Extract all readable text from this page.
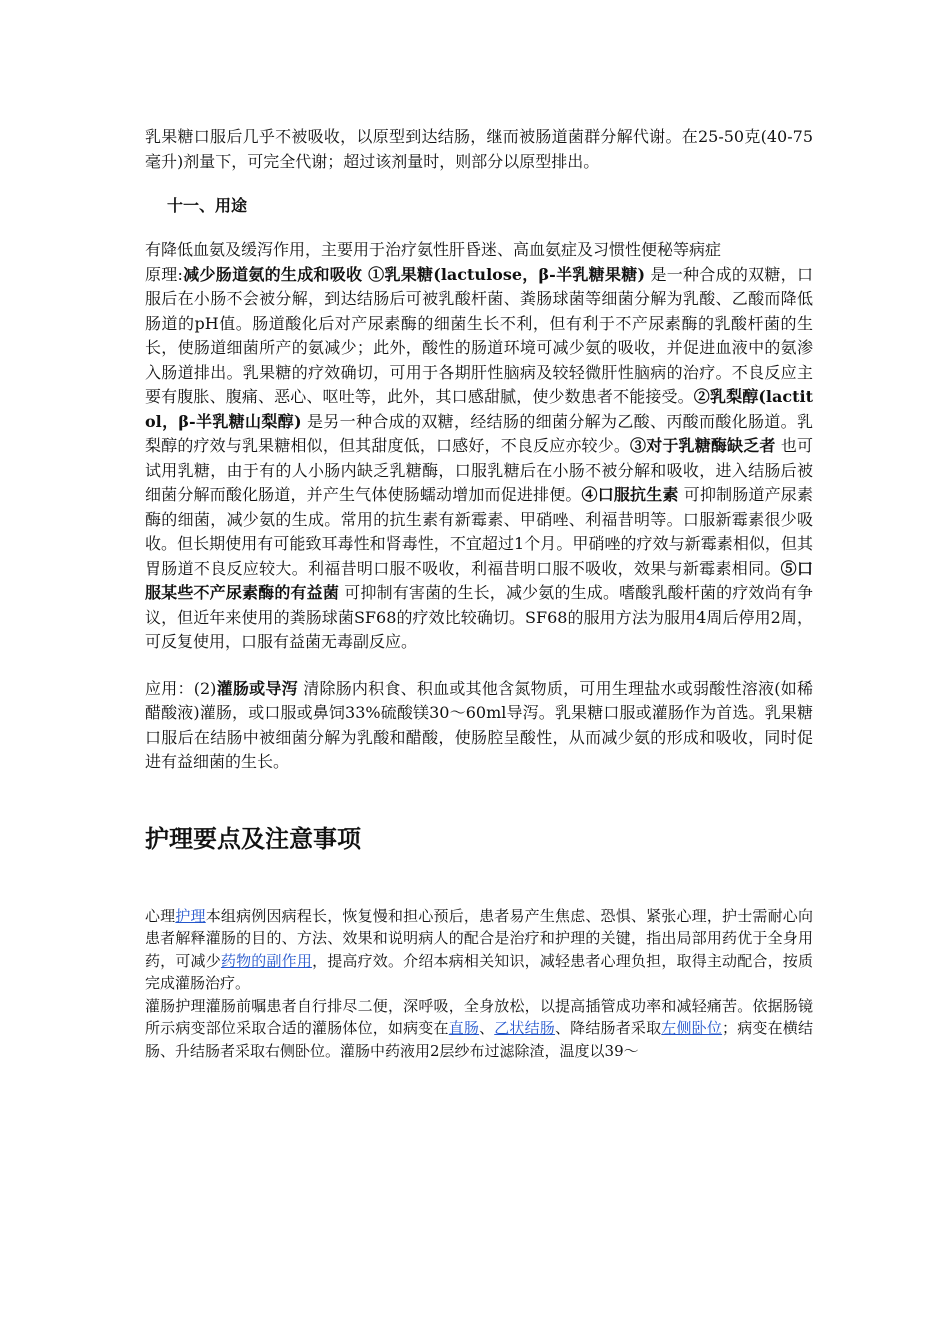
乳果糖口服后几乎不被吸收，以原型到达结肠，继而被肠道菌群分解代谢。在25-50克(40-75毫升)剂量下，可完全代谢；超过该剂量时，则部分以原型排出。

十一、用途

有降低血氨及缓泻作用，主要用于治疗氨性肝昏迷、高血氨症及习惯性便秘等病症

原理:减少肠道氨的生成和吸收 ①乳果糖(lactulose，β-半乳糖果糖) 是一种合成的双糖，口服后在小肠不会被分解，到达结肠后可被乳酸杆菌、粪肠球菌等细菌分解为乳酸、乙酸而降低肠道的pH值。肠道酸化后对产尿素酶的细菌生长不利，但有利于不产尿素酶的乳酸杆菌的生长，使肠道细菌所产的氨减少；此外，酸性的肠道环境可减少氨的吸收，并促进血液中的氨渗入肠道排出。乳果糖的疗效确切，可用于各期肝性脑病及较轻微肝性脑病的治疗。不良反应主要有腹胀、腹痛、恶心、呕吐等，此外，其口感甜腻，使少数患者不能接受。②乳梨醇(lactitol，β-半乳糖山梨醇) 是另一种合成的双糖，经结肠的细菌分解为乙酸、丙酸而酸化肠道。乳梨醇的疗效与乳果糖相似，但其甜度低，口感好，不良反应亦较少。③对于乳糖酶缺乏者 也可试用乳糖，由于有的人小肠内缺乏乳糖酶，口服乳糖后在小肠不被分解和吸收，进入结肠后被细菌分解而酸化肠道，并产生气体使肠蠕动增加而促进排便。④口服抗生素 可抑制肠道产尿素酶的细菌，减少氨的生成。常用的抗生素有新霉素、甲硝唑、利福昔明等。口服新霉素很少吸收。但长期使用有可能致耳毒性和肾毒性，不宜超过1个月。甲硝唑的疗效与新霉素相似，但其胃肠道不良反应较大。利福昔明口服不吸收，利福昔明口服不吸收，效果与新霉素相同。⑤口服某些不产尿素酶的有益菌 可抑制有害菌的生长，减少氨的生成。嗜酸乳酸杆菌的疗效尚有争议，但近年来使用的粪肠球菌SF68的疗效比较确切。SF68的服用方法为服用4周后停用2周，可反复使用，口服有益菌无毒副反应。

应用：(2)灌肠或导泻 清除肠内积食、积血或其他含氮物质，可用生理盐水或弱酸性溶液(如稀醋酸液)灌肠，或口服或鼻饲33%硫酸镁30～60ml导泻。乳果糖口服或灌肠作为首选。乳果糖口服后在结肠中被细菌分解为乳酸和醋酸，使肠腔呈酸性，从而减少氨的形成和吸收，同时促进有益细菌的生长。

护理要点及注意事项

心理护理本组病例因病程长，恢复慢和担心预后，患者易产生焦虑、恐惧、紧张心理，护士需耐心向患者解释灌肠的目的、方法、效果和说明病人的配合是治疗和护理的关键，指出局部用药优于全身用药，可减少药物的副作用，提高疗效。介绍本病相关知识，减轻患者心理负担，取得主动配合，按质完成灌肠治疗。

灌肠护理灌肠前嘱患者自行排尽二便，深呼吸，全身放松，以提高插管成功率和减轻痛苦。依据肠镜所示病变部位采取合适的灌肠体位，如病变在直肠、乙状结肠、降结肠者采取左侧卧位；病变在横结肠、升结肠者采取右侧卧位。灌肠中药液用2层纱布过滤除渣，温度以39～
